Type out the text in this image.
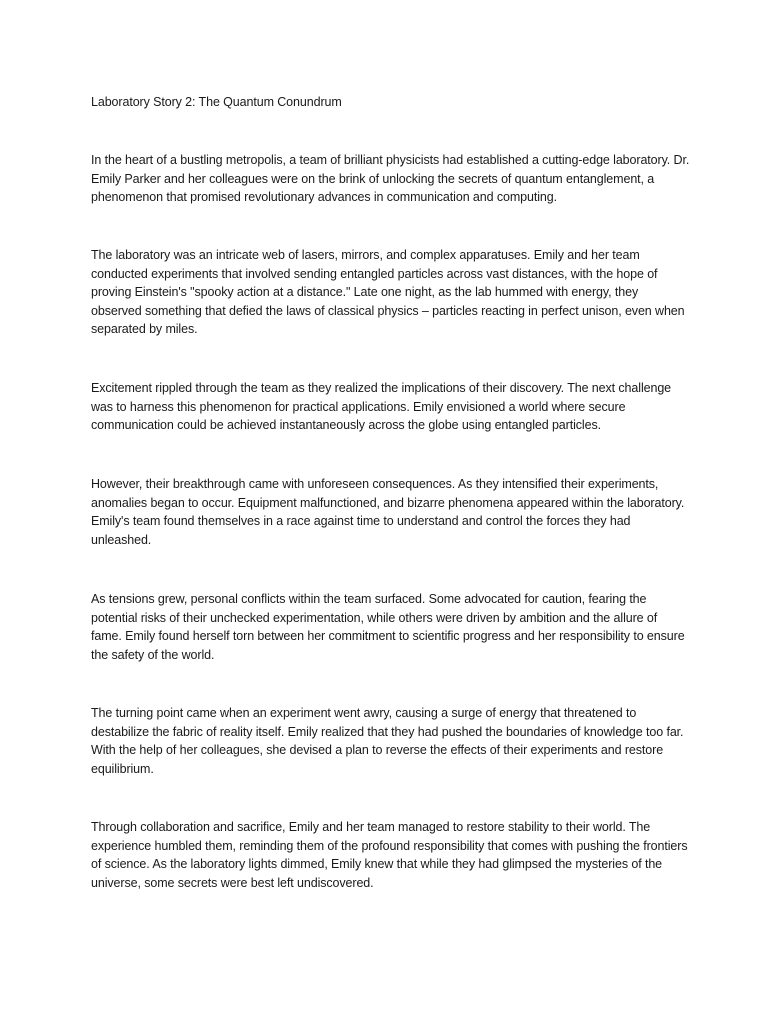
Laboratory Story 2: The Quantum Conundrum

In the heart of a bustling metropolis, a team of brilliant physicists had established a cutting-edge laboratory. Dr. Emily Parker and her colleagues were on the brink of unlocking the secrets of quantum entanglement, a phenomenon that promised revolutionary advances in communication and computing.

The laboratory was an intricate web of lasers, mirrors, and complex apparatuses. Emily and her team conducted experiments that involved sending entangled particles across vast distances, with the hope of proving Einstein's "spooky action at a distance." Late one night, as the lab hummed with energy, they observed something that defied the laws of classical physics – particles reacting in perfect unison, even when separated by miles.

Excitement rippled through the team as they realized the implications of their discovery. The next challenge was to harness this phenomenon for practical applications. Emily envisioned a world where secure communication could be achieved instantaneously across the globe using entangled particles.

However, their breakthrough came with unforeseen consequences. As they intensified their experiments, anomalies began to occur. Equipment malfunctioned, and bizarre phenomena appeared within the laboratory. Emily's team found themselves in a race against time to understand and control the forces they had unleashed.

As tensions grew, personal conflicts within the team surfaced. Some advocated for caution, fearing the potential risks of their unchecked experimentation, while others were driven by ambition and the allure of fame. Emily found herself torn between her commitment to scientific progress and her responsibility to ensure the safety of the world.

The turning point came when an experiment went awry, causing a surge of energy that threatened to destabilize the fabric of reality itself. Emily realized that they had pushed the boundaries of knowledge too far. With the help of her colleagues, she devised a plan to reverse the effects of their experiments and restore equilibrium.

Through collaboration and sacrifice, Emily and her team managed to restore stability to their world. The experience humbled them, reminding them of the profound responsibility that comes with pushing the frontiers of science. As the laboratory lights dimmed, Emily knew that while they had glimpsed the mysteries of the universe, some secrets were best left undiscovered.
